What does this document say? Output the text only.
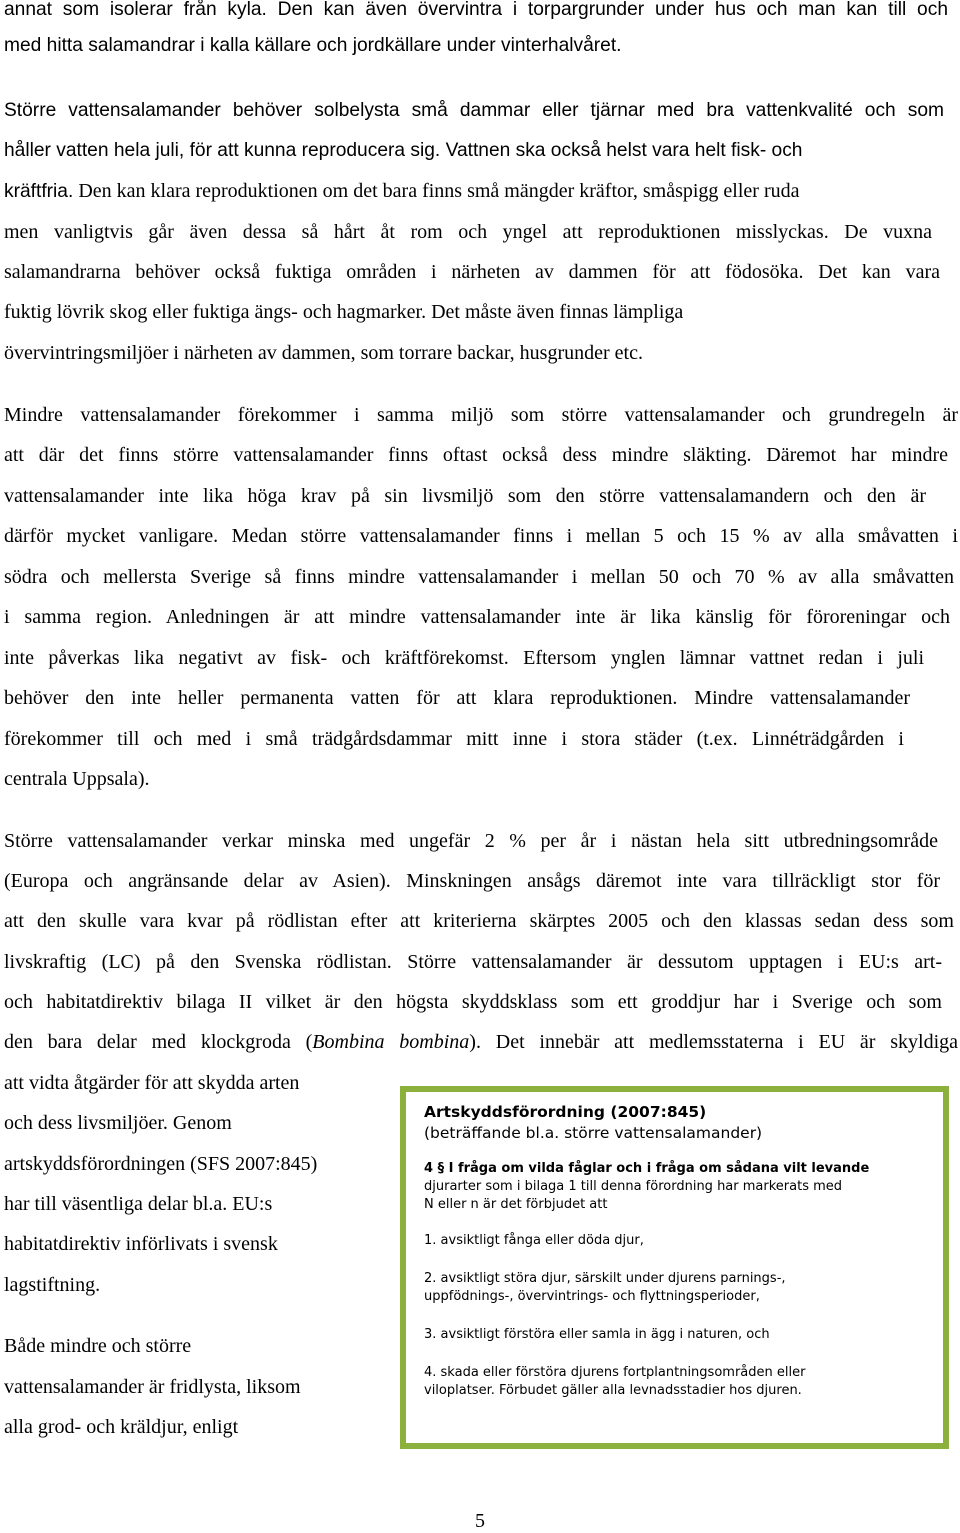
annat som isolerar från kyla. Den kan även övervintra i torpargrunder under hus och man kan till och

med hitta salamandrar i kalla källare och jordkällare under vinterhalvåret.

Större vattensalamander behöver solbelysta små dammar eller tjärnar med bra vattenkvalité och som

håller vatten hela juli, för att kunna reproducera sig. Vattnen ska också helst vara helt fisk- och

kräftfria. Den kan klara reproduktionen om det bara finns små mängder kräftor, småspigg eller ruda

men vanligtvis går även dessa så hårt åt rom och yngel att reproduktionen misslyckas. De vuxna

salamandrarna behöver också fuktiga områden i närheten av dammen för att födosöka. Det kan vara

fuktig lövrik skog eller fuktiga ängs- och hagmarker. Det måste även finnas lämpliga

övervintringsmiljöer i närheten av dammen, som torrare backar, husgrunder etc.

Mindre vattensalamander förekommer i samma miljö som större vattensalamander och grundregeln är

att där det finns större vattensalamander finns oftast också dess mindre släkting. Däremot har mindre

vattensalamander inte lika höga krav på sin livsmiljö som den större vattensalamandern och den är

därför mycket vanligare. Medan större vattensalamander finns i mellan 5 och 15 % av alla småvatten i

södra och mellersta Sverige så finns mindre vattensalamander i mellan 50 och 70 % av alla småvatten

i samma region. Anledningen är att mindre vattensalamander inte är lika känslig för föroreningar och

inte påverkas lika negativt av fisk- och kräftförekomst. Eftersom ynglen lämnar vattnet redan i juli

behöver den inte heller permanenta vatten för att klara reproduktionen. Mindre vattensalamander

förekommer till och med i små trädgårdsdammar mitt inne i stora städer (t.ex. Linnéträdgården i

centrala Uppsala).

Större vattensalamander verkar minska med ungefär 2 % per år i nästan hela sitt utbredningsområde

(Europa och angränsande delar av Asien). Minskningen ansågs däremot inte vara tillräckligt stor för

att den skulle vara kvar på rödlistan efter att kriterierna skärptes 2005 och den klassas sedan dess som

livskraftig (LC) på den Svenska rödlistan. Större vattensalamander är dessutom upptagen i EU:s art-

och habitatdirektiv bilaga II vilket är den högsta skyddsklass som ett groddjur har i Sverige och som

den bara delar med klockgroda (Bombina bombina). Det innebär att medlemsstaterna i EU är skyldiga

att vidta åtgärder för att skydda arten

och dess livsmiljöer. Genom

artskyddsförordningen (SFS 2007:845)

har till väsentliga delar bl.a. EU:s

habitatdirektiv införlivats i svensk

lagstiftning.

Både mindre och större

vattensalamander är fridlysta, liksom

alla grod- och kräldjur, enligt

Artskyddsförordning (2007:845)
(beträffande bl.a. större vattensalamander)
4 § I fråga om vilda fåglar och i fråga om sådana vilt levande
djurarter som i bilaga 1 till denna förordning har markerats med
N eller n är det förbjudet att
1. avsiktligt fånga eller döda djur,
2. avsiktligt störa djur, särskilt under djurens parnings-,
uppfödnings-, övervintrings- och flyttningsperioder,
3. avsiktligt förstöra eller samla in ägg i naturen, och
4. skada eller förstöra djurens fortplantningsområden eller
viloplatser. Förbudet gäller alla levnadsstadier hos djuren.
5
